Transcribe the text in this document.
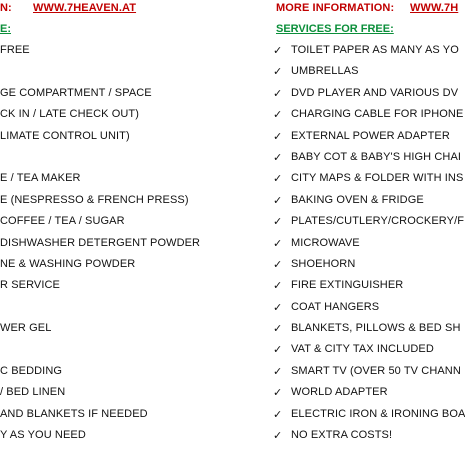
N: WWW.7HEAVEN.AT
E:
FREE
GE COMPARTMENT / SPACE
CK IN / LATE CHECK OUT)
LIMATE CONTROL UNIT)
E / TEA MAKER
E (NESPRESSO & FRENCH PRESS)
COFFEE / TEA / SUGAR
DISHWASHER DETERGENT POWDER
NE & WASHING POWDER
R SERVICE
WER GEL
C BEDDING
/ BED LINEN
AND BLANKETS IF NEEDED
Y AS YOU NEED
MORE INFORMATION: WWW.7H
SERVICES FOR FREE:
✓ TOILET PAPER AS MANY AS YO
✓ UMBRELLAS
✓ DVD PLAYER AND VARIOUS DV
✓ CHARGING CABLE FOR IPHONE
✓ EXTERNAL POWER ADAPTER
✓ BABY COT & BABY'S HIGH CHAI
✓ CITY MAPS & FOLDER WITH INS
✓ BAKING OVEN & FRIDGE
✓ PLATES/CUTLERY/CROCKERY/F
✓ MICROWAVE
✓ SHOEHORN
✓ FIRE EXTINGUISHER
✓ COAT HANGERS
✓ BLANKETS, PILLOWS & BED SH
✓ VAT & CITY TAX INCLUDED
✓ SMART TV (OVER 50 TV CHANN
✓ WORLD ADAPTER
✓ ELECTRIC IRON & IRONING BOA
✓ NO EXTRA COSTS!
